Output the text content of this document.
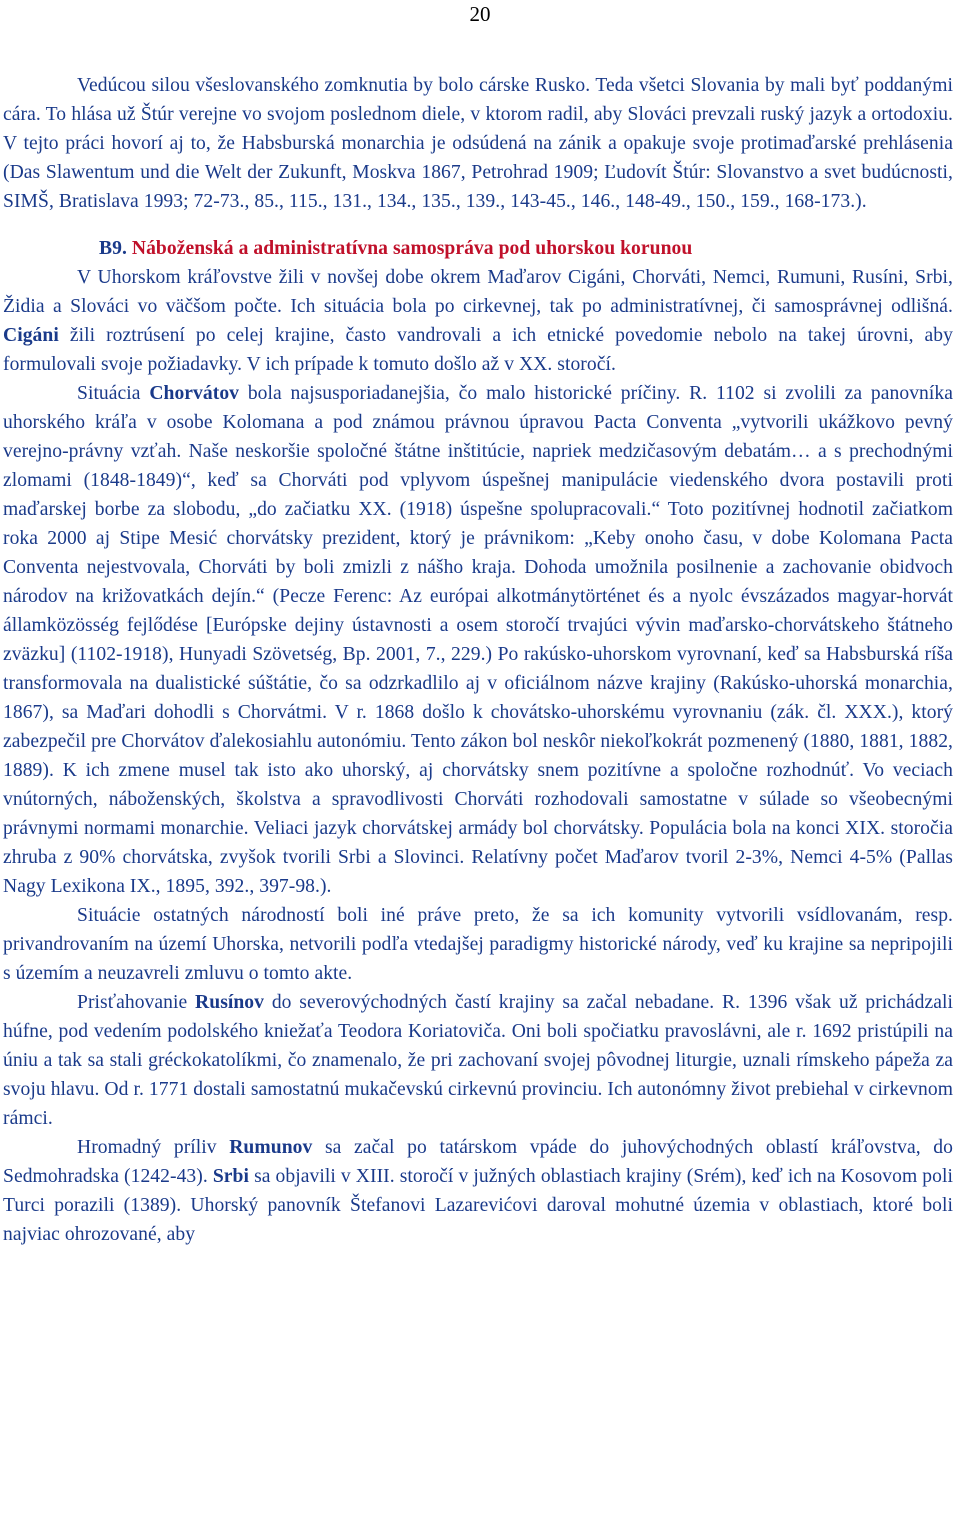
20

Vedúcou silou všeslovanského zomknutia by bolo cárske Rusko. Teda všetci Slovania by mali byť poddanými cára. To hlása už Štúr verejne vo svojom poslednom diele, v ktorom radil, aby Slováci prevzali ruský jazyk a ortodoxiu. V tejto práci hovorí aj to, že Habsburská monarchia je odsúdená na zánik a opakuje svoje protimaďarské prehlásenia (Das Slawentum und die Welt der Zukunft, Moskva 1867, Petrohrad 1909; Ľudovít Štúr: Slovanstvo a svet budúcnosti, SIMŠ, Bratislava 1993; 72-73., 85., 115., 131., 134., 135., 139., 143-45., 146., 148-49., 150., 159., 168-173.).

B9. Náboženská a administratívna samospráva pod uhorskou korunou

V Uhorskom kráľovstve žili v novšej dobe okrem Maďarov Cigáni, Chorváti, Nemci, Rumuni, Rusíni, Srbi, Židia a Slováci vo väčšom počte. Ich situácia bola po cirkevnej, tak po administratívnej, či samosprávnej odlišná. Cigáni žili roztrúsení po celej krajine, často vandrovali a ich etnické povedomie nebolo na takej úrovni, aby formulovali svoje požiadavky. V ich prípade k tomuto došlo až v XX. storočí.

Situácia Chorvátov bola najsusporiadanejšia, čo malo historické príčiny. R. 1102 si zvolili za panovníka uhorského kráľa v osobe Kolomana a pod známou právnou úpravou Pacta Conventa „vytvorili ukážkovo pevný verejno-právny vzťah. Naše neskoršie spoločné štátne inštitúcie, napriek medzičasovým debatám… a s prechodnými zlomami (1848-1849)“, keď sa Chorváti pod vplyvom úspešnej manipulácie viedenského dvora postavili proti maďarskej borbe za slobodu, „do začiatku XX. (1918) úspešne spolupracovali.“ Toto pozitívnej hodnotil začiatkom roka 2000 aj Stipe Mesić chorvátsky prezident, ktorý je právnikom: „Keby onoho času, v dobe Kolomana Pacta Conventa nejestvovala, Chorváti by boli zmizli z nášho kraja. Dohoda umožnila posilnenie a zachovanie obidvoch národov na križovatkách dejín.“ (Pecze Ferenc: Az európai alkotmánytörténet és a nyolc évszázados magyar-horvát államközösség fejlődése [Európske dejiny ústavnosti a osem storočí trvajúci vývin maďarsko-chorvátskeho štátneho zväzku] (1102-1918), Hunyadi Szövetség, Bp. 2001, 7., 229.) Po rakúsko-uhorskom vyrovnaní, keď sa Habsburská ríša transformovala na dualistické súštátie, čo sa odzrkadlilo aj v oficiálnom názve krajiny (Rakúsko-uhorská monarchia, 1867), sa Maďari dohodli s Chorvátmi. V r. 1868 došlo k chovátsko-uhorskému vyrovnaniu (zák. čl. XXX.), ktorý zabezpečil pre Chorvátov ďalekosiahlu autonómiu. Tento zákon bol neskôr niekoľkokrát pozmenený (1880, 1881, 1882, 1889). K ich zmene musel tak isto ako uhorský, aj chorvátsky snem pozitívne a spoločne rozhodnúť. Vo veciach vnútorných, náboženských, školstva a spravodlivosti Chorváti rozhodovali samostatne v súlade so všeobecnými právnymi normami monarchie. Veliaci jazyk chorvátskej armády bol chorvátsky. Populácia bola na konci XIX. storočia zhruba z 90% chorvátska, zvyšok tvorili Srbi a Slovinci. Relatívny počet Maďarov tvoril 2-3%, Nemci 4-5% (Pallas Nagy Lexikona IX., 1895, 392., 397-98.).

Situácie ostatných národností boli iné práve preto, že sa ich komunity vytvorili vsídlovanám, resp. privandrovaním na území Uhorska, netvorili podľa vtedajšej paradigmy historické národy, veď ku krajine sa nepripojili s územím a neuzavreli zmluvu o tomto akte.

Prisťahovanie Rusínov do severovýchodných častí krajiny sa začal nebadane. R. 1396 však už prichádzali húfne, pod vedením podolského kniežaťa Teodora Koriatoviča. Oni boli spočiatku pravoslávni, ale r. 1692 pristúpili na úniu a tak sa stali gréckokatolíkmi, čo znamenalo, že pri zachovaní svojej pôvodnej liturgie, uznali rímskeho pápeža za svoju hlavu. Od r. 1771 dostali samostatnú mukačevskú cirkevnú provinciu. Ich autonómny život prebiehal v cirkevnom rámci.

Hromadný príliv Rumunov sa začal po tatárskom vpáde do juhovýchodných oblastí kráľovstva, do Sedmohradska (1242-43). Srbi sa objavili v XIII. storočí v južných oblastiach krajiny (Srém), keď ich na Kosovom poli Turci porazili (1389). Uhorský panovník Štefanovi Lazarevićovi daroval mohutné územia v oblastiach, ktoré boli najviac ohrozované, aby
